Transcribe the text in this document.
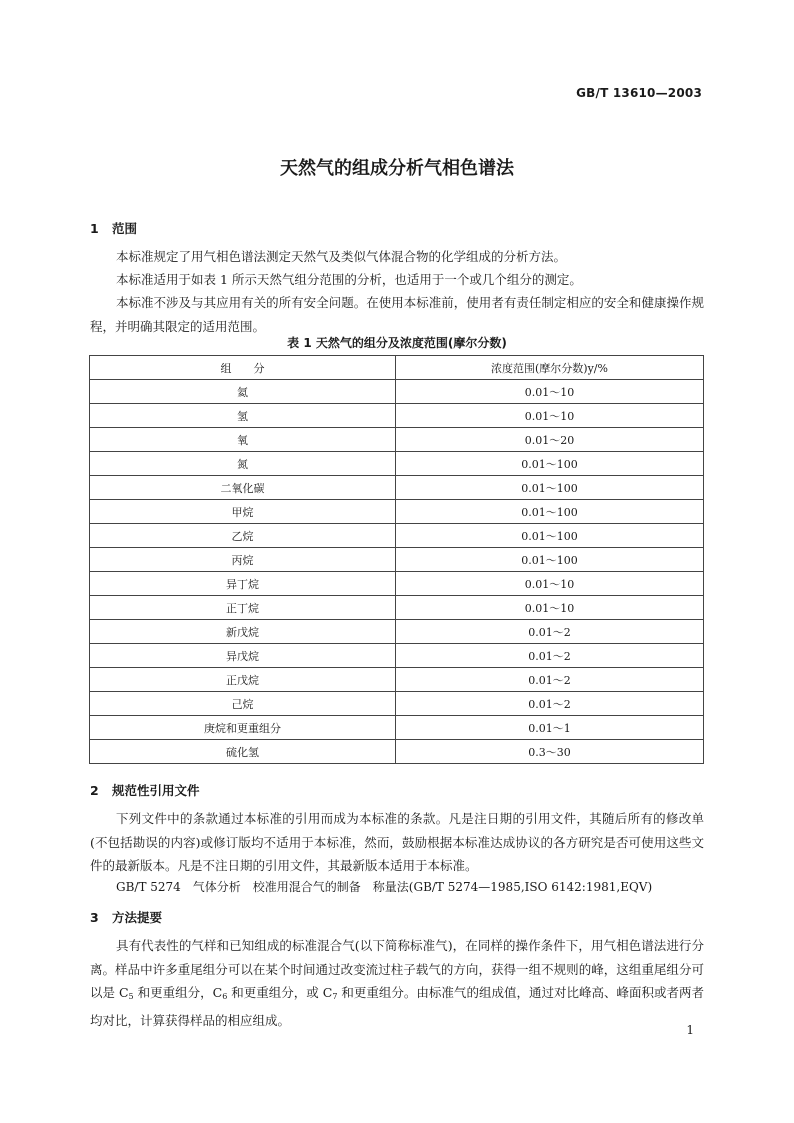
GB/T 13610—2003
天然气的组成分析气相色谱法
1 范围

本标准规定了用气相色谱法测定天然气及类似气体混合物的化学组成的分析方法。

本标准适用于如表 1 所示天然气组分范围的分析，也适用于一个或几个组分的测定。

本标准不涉及与其应用有关的所有安全问题。在使用本标准前，使用者有责任制定相应的安全和健康操作规程，并明确其限定的适用范围。

表 1 天然气的组分及浓度范围(摩尔分数)
组　　分	浓度范围(摩尔分数)y/%
氦	0.01～10
氢	0.01～10
氧	0.01～20
氮	0.01～100
二氧化碳	0.01～100
甲烷	0.01～100
乙烷	0.01～100
丙烷	0.01～100
异丁烷	0.01～10
正丁烷	0.01～10
新戊烷	0.01～2
异戊烷	0.01～2
正戊烷	0.01～2
己烷	0.01～2
庚烷和更重组分	0.01～1
硫化氢	0.3～30
2 规范性引用文件

下列文件中的条款通过本标准的引用而成为本标准的条款。凡是注日期的引用文件，其随后所有的修改单(不包括勘误的内容)或修订版均不适用于本标准，然而，鼓励根据本标准达成协议的各方研究是否可使用这些文件的最新版本。凡是不注日期的引用文件，其最新版本适用于本标准。

GB/T 5274　气体分析　校准用混合气的制备　称量法(GB/T 5274—1985,ISO 6142:1981,EQV)
3 方法提要

具有代表性的气样和已知组成的标准混合气(以下简称标准气)，在同样的操作条件下，用气相色谱法进行分离。样品中许多重尾组分可以在某个时间通过改变流过柱子载气的方向，获得一组不规则的峰，这组重尾组分可以是 $C_5$ 和更重组分，$C_6$ 和更重组分，或 $C_7$ 和更重组分。由标准气的组成值，通过对比峰高、峰面积或者两者均对比，计算获得样品的相应组成。

1
